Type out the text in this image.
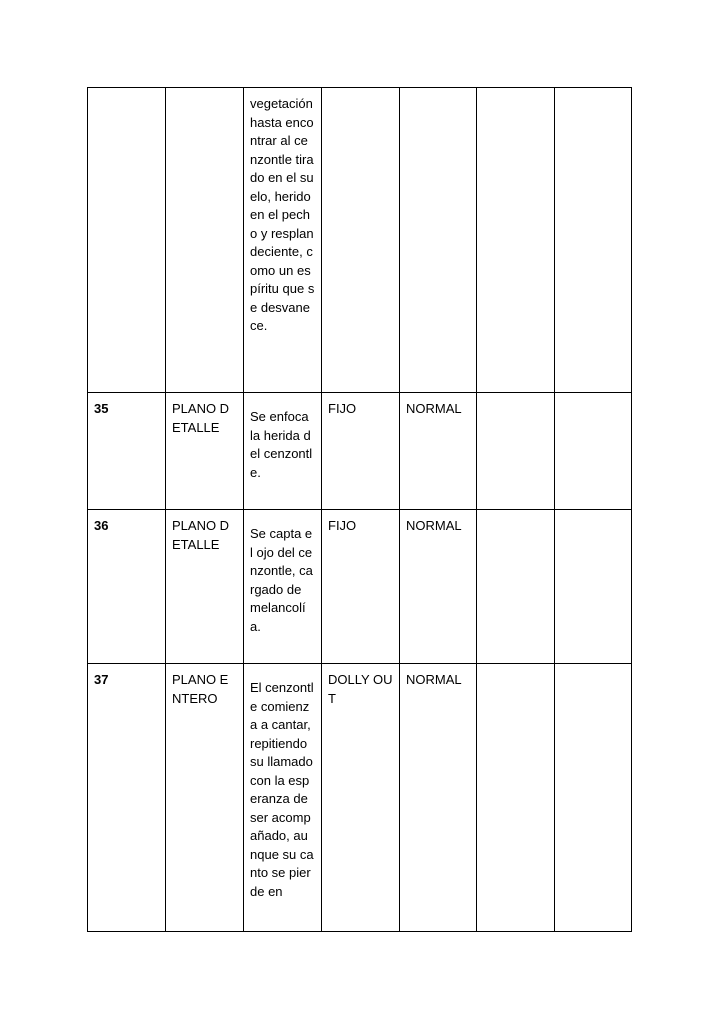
		vegetación hasta encontrar al cenzontle tirado en el suelo, herido en el pecho y resplandeciente, como un espíritu que se desvanece.				

35	PLANO DETALLE	Se enfoca la herida del cenzontle.	FIJO	NORMAL		
36	PLANO DETALLE	Se capta el ojo del cenzontle, cargado de melancolía.	FIJO	NORMAL		
37	PLANO ENTERO	El cenzontle comienza a cantar, repitiendo su llamado con la esperanza de ser acompañado, aunque su canto se pierde en	DOLLY OUT	NORMAL		
